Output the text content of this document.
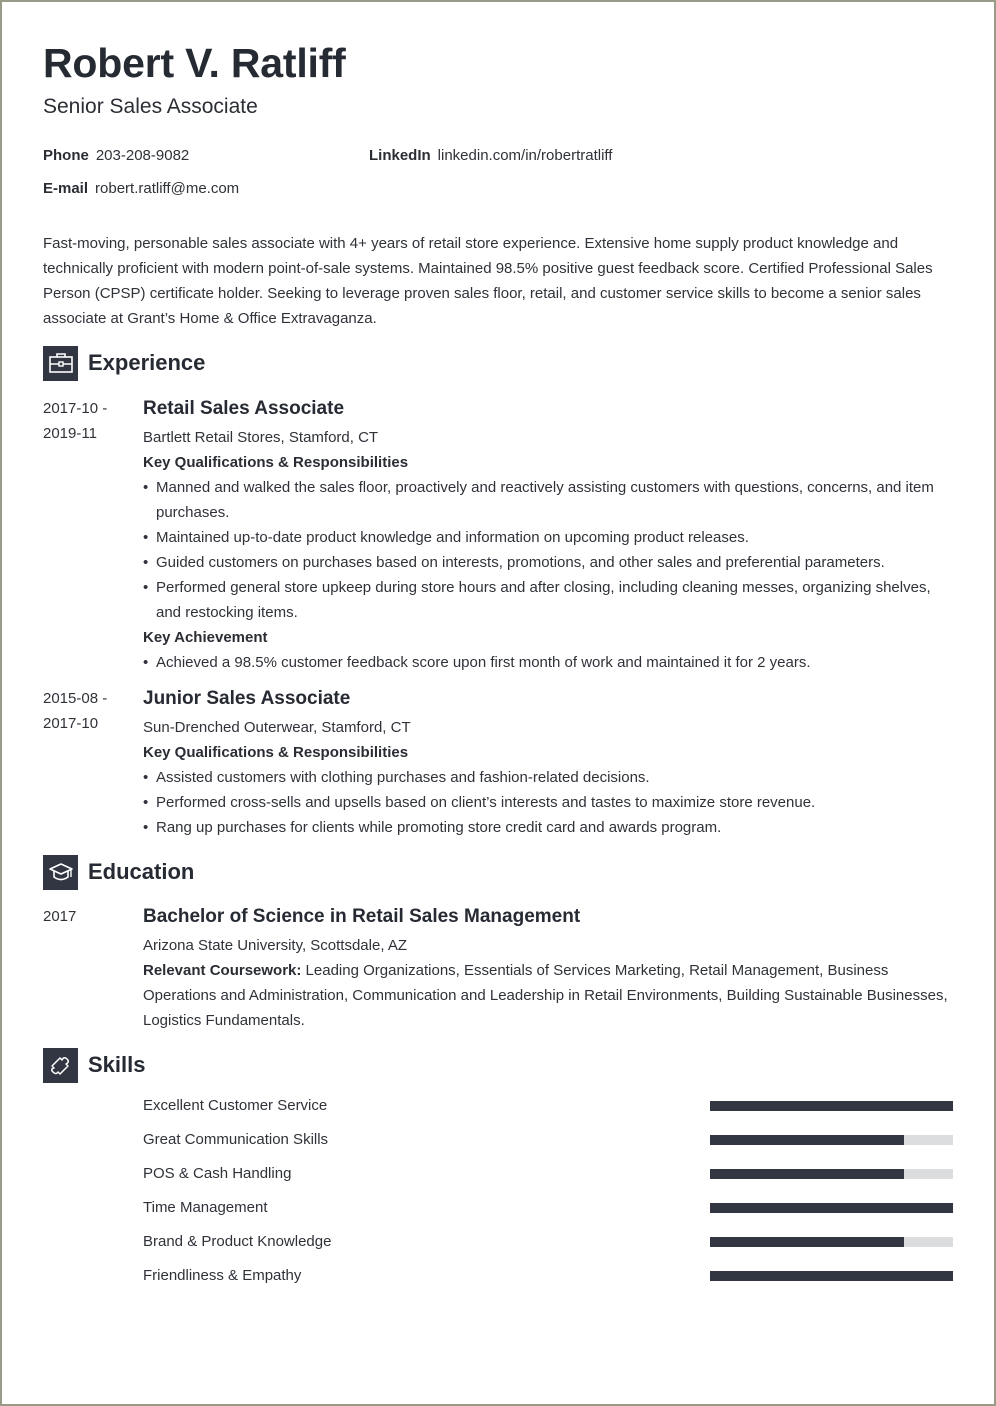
Robert V. Ratliff
Senior Sales Associate
Phone 203-208-9082	LinkedIn linkedin.com/in/robertratliff
E-mail robert.ratliff@me.com
Fast-moving, personable sales associate with 4+ years of retail store experience. Extensive home supply product knowledge and technically proficient with modern point-of-sale systems. Maintained 98.5% positive guest feedback score. Certified Professional Sales Person (CPSP) certificate holder. Seeking to leverage proven sales floor, retail, and customer service skills to become a senior sales associate at Grant’s Home & Office Extravaganza.
Experience
2017-10 -
2019-11
Retail Sales Associate
Bartlett Retail Stores, Stamford, CT
Key Qualifications & Responsibilities
• Manned and walked the sales floor, proactively and reactively assisting customers with questions, concerns, and item purchases.
• Maintained up-to-date product knowledge and information on upcoming product releases.
• Guided customers on purchases based on interests, promotions, and other sales and preferential parameters.
• Performed general store upkeep during store hours and after closing, including cleaning messes, organizing shelves, and restocking items.
Key Achievement
• Achieved a 98.5% customer feedback score upon first month of work and maintained it for 2 years.
2015-08 -
2017-10
Junior Sales Associate
Sun-Drenched Outerwear, Stamford, CT
Key Qualifications & Responsibilities
• Assisted customers with clothing purchases and fashion-related decisions.
• Performed cross-sells and upsells based on client’s interests and tastes to maximize store revenue.
• Rang up purchases for clients while promoting store credit card and awards program.
Education
2017	Bachelor of Science in Retail Sales Management
Arizona State University, Scottsdale, AZ
Relevant Coursework: Leading Organizations, Essentials of Services Marketing, Retail Management, Business Operations and Administration, Communication and Leadership in Retail Environments, Building Sustainable Businesses, Logistics Fundamentals.
Skills
Excellent Customer Service
Great Communication Skills
POS & Cash Handling
Time Management
Brand & Product Knowledge
Friendliness & Empathy
